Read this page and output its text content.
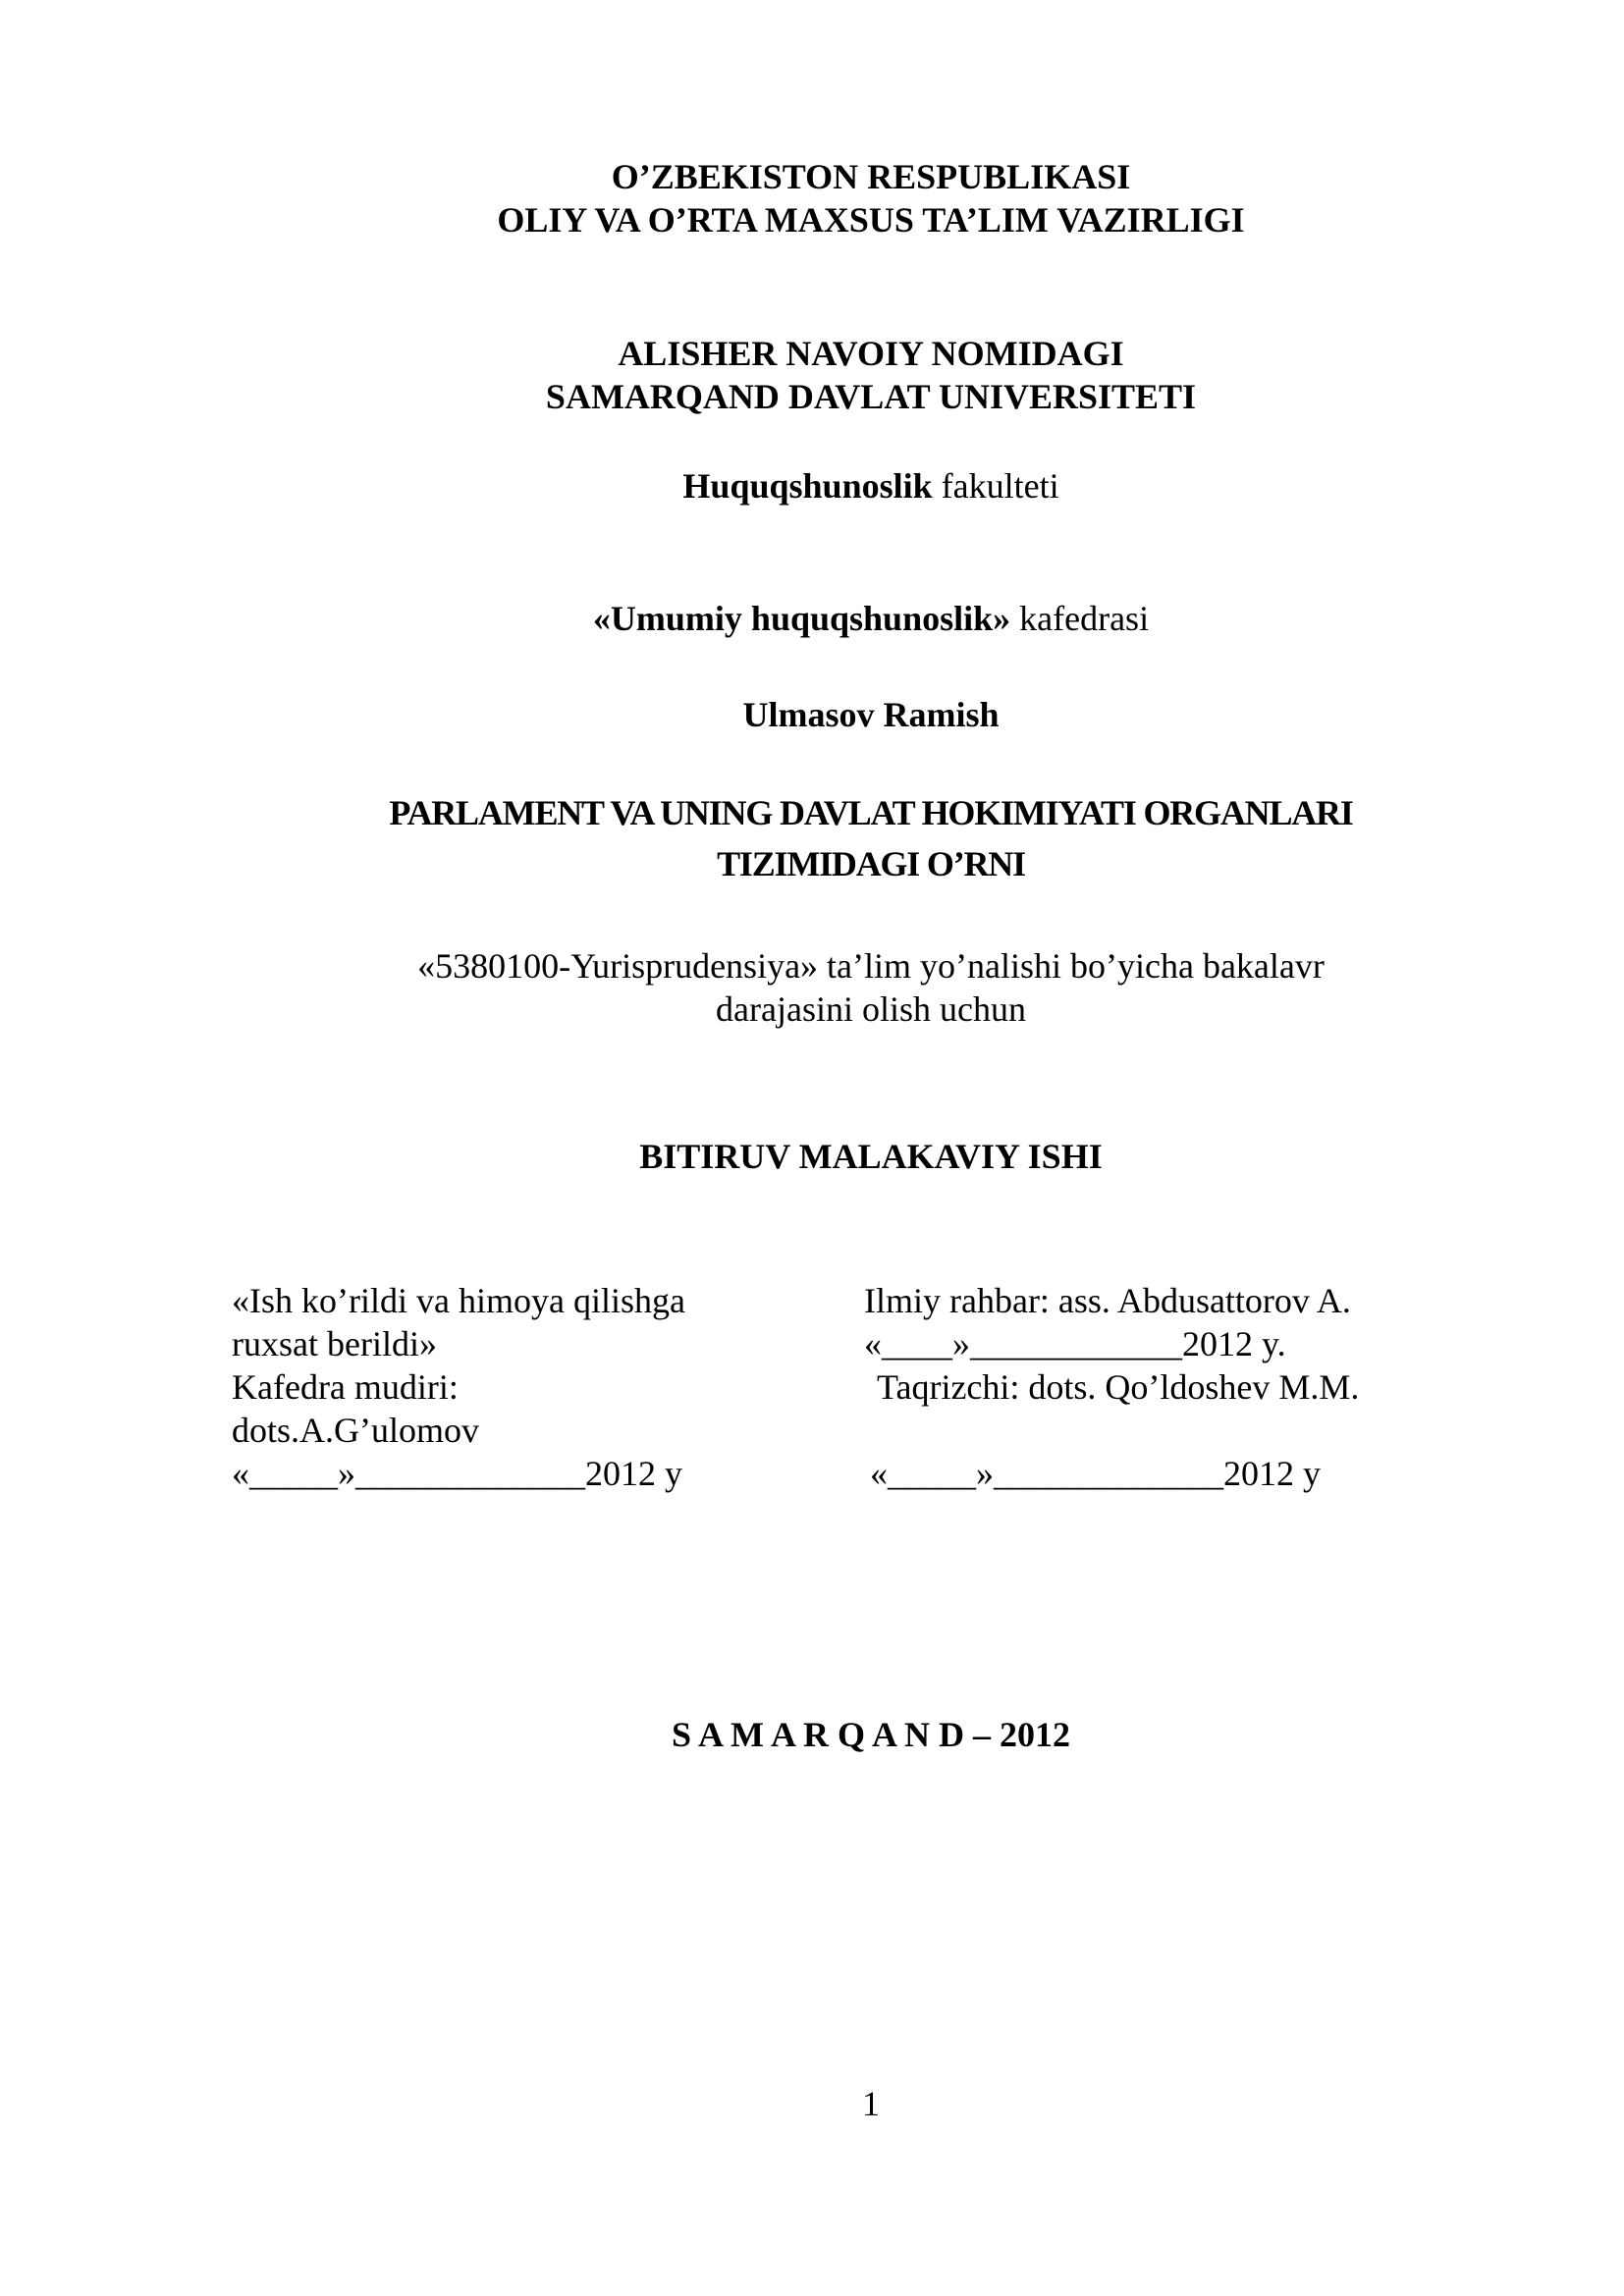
O’ZBEKISTON RESPUBLIKASI
OLIY VA O’RTA MAXSUS TA’LIM VAZIRLIGI
ALISHER NAVOIY NOMIDAGI
SAMARQAND DAVLAT UNIVERSITETI
Huquqshunoslik fakulteti
«Umumiy huquqshunoslik» kafedrasi
Ulmasov Ramish
PARLAMENT VA UNING DAVLAT HOKIMIYATI ORGANLARI
TIZIMIDAGI O’RNI
«5380100-Yurisprudensiya» ta’lim yo’nalishi bo’yicha bakalavr
darajasini olish uchun
BITIRUV MALAKAVIY ISHI
«Ish ko’rildi va himoya qilishga
ruxsat berildi»
Kafedra mudiri:
dots.A.G’ulomov
«_____»_____________2012 y
Ilmiy rahbar: ass. Abdusattorov A.
«____»____________2012 y.
Taqrizchi: dots. Qo’ldoshev M.M.
«_____»_____________2012 y
S A M A R Q A N D – 2012
1
